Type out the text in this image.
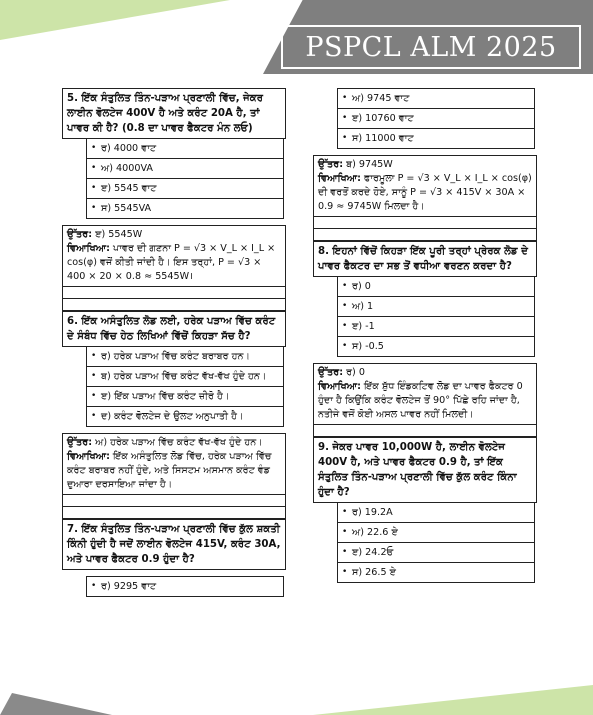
PSPCL ALM 2025
5. ਇੱਕ ਸੰਤੁਲਿਤ ਤਿੰਨ-ਪੜਾਅ ਪ੍ਰਣਾਲੀ ਵਿੱਚ, ਜੇਕਰ ਲਾਈਨ ਵੋਲਟੇਜ 400V ਹੈ ਅਤੇ ਕਰੰਟ 20A ਹੈ, ਤਾਂ ਪਾਵਰ ਕੀ ਹੈ? (0.8 ਦਾ ਪਾਵਰ ਫੈਕਟਰ ਮੰਨ ਲਓ)
• ਰ) 4000 ਵਾਟ
• ਅ) 4000VA
• ੲ) 5545 ਵਾਟ
• ਸ) 5545VA
ਉੱਤਰ: ੲ) 5545W
ਵਿਆਖਿਆ: ਪਾਵਰ ਦੀ ਗਣਨਾ P = √3 × V_L × I_L × cos(φ) ਵਜੋਂ ਕੀਤੀ ਜਾਂਦੀ ਹੈ। ਇਸ ਤਰ੍ਹਾਂ, P = √3 × 400 × 20 × 0.8 ≈ 5545W।
6. ਇੱਕ ਅਸੰਤੁਲਿਤ ਲੋਡ ਲਈ, ਹਰੇਕ ਪੜਾਅ ਵਿੱਚ ਕਰੰਟ ਦੇ ਸੰਬੰਧ ਵਿੱਚ ਹੇਠ ਲਿਖਿਆਂ ਵਿੱਚੋਂ ਕਿਹੜਾ ਸੱਚ ਹੈ?
• ਰ) ਹਰੇਕ ਪੜਾਅ ਵਿੱਚ ਕਰੰਟ ਬਰਾਬਰ ਹਨ।
• ਬ) ਹਰੇਕ ਪੜਾਅ ਵਿੱਚ ਕਰੰਟ ਵੱਖ-ਵੱਖ ਹੁੰਦੇ ਹਨ।
• ੲ) ਇੱਕ ਪੜਾਅ ਵਿੱਚ ਕਰੰਟ ਜ਼ੀਰੋ ਹੈ।
• ਦ) ਕਰੰਟ ਵੋਲਟੇਜ ਦੇ ਉਲਟ ਅਨੁਪਾਤੀ ਹੈ।
ਉੱਤਰ: ਅ) ਹਰੇਕ ਪੜਾਅ ਵਿੱਚ ਕਰੰਟ ਵੱਖ-ਵੱਖ ਹੁੰਦੇ ਹਨ।
ਵਿਆਖਿਆ: ਇੱਕ ਅਸੰਤੁਲਿਤ ਲੋਡ ਵਿੱਚ, ਹਰੇਕ ਪੜਾਅ ਵਿੱਚ ਕਰੰਟ ਬਰਾਬਰ ਨਹੀਂ ਹੁੰਦੇ, ਅਤੇ ਸਿਸਟਮ ਅਸਮਾਨ ਕਰੰਟ ਵੰਡ ਦੁਆਰਾ ਦਰਸਾਇਆ ਜਾਂਦਾ ਹੈ।
7. ਇੱਕ ਸੰਤੁਲਿਤ ਤਿੰਨ-ਪੜਾਅ ਪ੍ਰਣਾਲੀ ਵਿੱਚ ਕੁੱਲ ਸ਼ਕਤੀ ਕਿੰਨੀ ਹੁੰਦੀ ਹੈ ਜਦੋਂ ਲਾਈਨ ਵੋਲਟੇਜ 415V, ਕਰੰਟ 30A, ਅਤੇ ਪਾਵਰ ਫੈਕਟਰ 0.9 ਹੁੰਦਾ ਹੈ?
• ਰ) 9295 ਵਾਟ
• ਅ) 9745 ਵਾਟ
• ੲ) 10760 ਵਾਟ
• ਸ) 11000 ਵਾਟ
ਉੱਤਰ: ਬ) 9745W
ਵਿਆਖਿਆ: ਫਾਰਮੂਲਾ P = √3 × V_L × I_L × cos(φ) ਦੀ ਵਰਤੋਂ ਕਰਦੇ ਹੋਏ, ਸਾਨੂੰ P = √3 × 415V × 30A × 0.9 ≈ 9745W ਮਿਲਦਾ ਹੈ।
8. ਇਹਨਾਂ ਵਿੱਚੋਂ ਕਿਹੜਾ ਇੱਕ ਪੂਰੀ ਤਰ੍ਹਾਂ ਪ੍ਰੇਰਕ ਲੋਡ ਦੇ ਪਾਵਰ ਫੈਕਟਰ ਦਾ ਸਭ ਤੋਂ ਵਧੀਆ ਵਰਣਨ ਕਰਦਾ ਹੈ?
• ਰ) 0
• ਅ) 1
• ੲ) -1
• ਸ) -0.5
ਉੱਤਰ: ਰ) 0
ਵਿਆਖਿਆ: ਇੱਕ ਸ਼ੁੱਧ ਇੰਡਕਟਿਵ ਲੋਡ ਦਾ ਪਾਵਰ ਫੈਕਟਰ 0 ਹੁੰਦਾ ਹੈ ਕਿਉਂਕਿ ਕਰੰਟ ਵੋਲਟੇਜ ਤੋਂ 90° ਪਿੱਛੇ ਰਹਿ ਜਾਂਦਾ ਹੈ, ਨਤੀਜੇ ਵਜੋਂ ਕੋਈ ਅਸਲ ਪਾਵਰ ਨਹੀਂ ਮਿਲਦੀ।
9. ਜੇਕਰ ਪਾਵਰ 10,000W ਹੈ, ਲਾਈਨ ਵੋਲਟੇਜ 400V ਹੈ, ਅਤੇ ਪਾਵਰ ਫੈਕਟਰ 0.9 ਹੈ, ਤਾਂ ਇੱਕ ਸੰਤੁਲਿਤ ਤਿੰਨ-ਪੜਾਅ ਪ੍ਰਣਾਲੀ ਵਿੱਚ ਕੁੱਲ ਕਰੰਟ ਕਿੰਨਾ ਹੁੰਦਾ ਹੈ?
• ਰ) 19.2A
• ਅ) 22.6 ਏ
• ੲ) 24.2ਓ
• ਸ) 26.5 ਏ
